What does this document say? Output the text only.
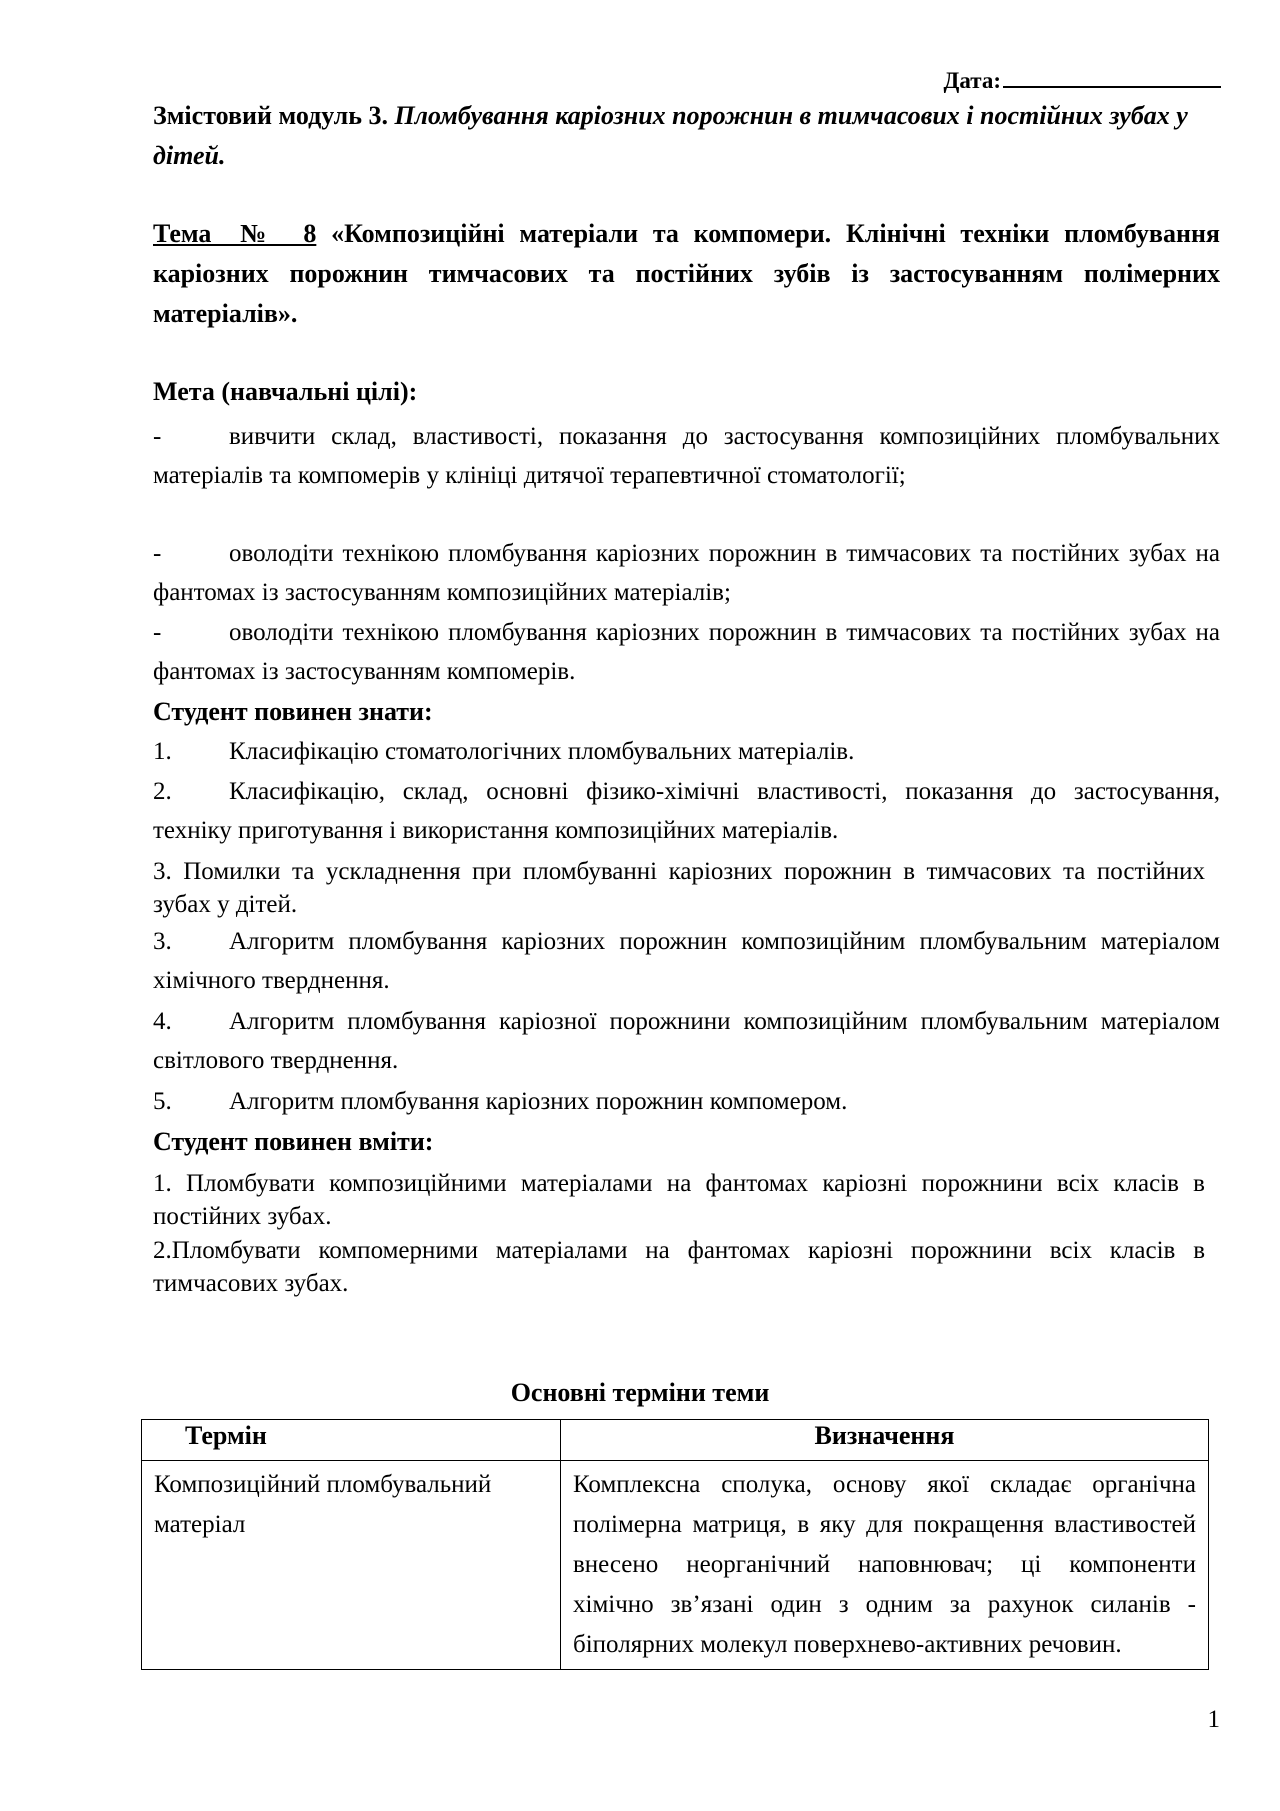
Дата:
Змістовий модуль 3. Пломбування каріозних порожнин в тимчасових і постійних зубах у дітей.
Тема № 8 «Композиційні матеріали та компомери. Клінічні техніки пломбування каріозних порожнин тимчасових та постійних зубів із застосуванням полімерних матеріалів».
Мета (навчальні цілі):
-	вивчити склад, властивості, показання до застосування композиційних пломбувальних матеріалів та компомерів у клініці дитячої терапевтичної стоматології;
-	оволодіти технікою пломбування каріозних порожнин в тимчасових та постійних зубах на фантомах із застосуванням композиційних матеріалів;
-	оволодіти технікою пломбування каріозних порожнин в тимчасових та постійних зубах на фантомах із застосуванням компомерів.
Студент повинен знати:
1. Класифікацію стоматологічних пломбувальних матеріалів.
2. Класифікацію, склад, основні фізико-хімічні властивості, показання до застосування, техніку приготування і використання композиційних матеріалів.
3. Помилки та ускладнення при пломбуванні каріозних порожнин в тимчасових та постійних зубах у дітей.
3. Алгоритм пломбування каріозних порожнин композиційним пломбувальним матеріалом хімічного тверднення.
4. Алгоритм пломбування каріозної порожнини композиційним пломбувальним матеріалом світлового тверднення.
5. Алгоритм пломбування каріозних порожнин компомером.
Студент повинен вміти:
1. Пломбувати композиційними матеріалами на фантомах каріозні порожнини всіх класів в постійних зубах.
2.Пломбувати компомерними матеріалами на фантомах каріозні порожнини всіх класів в тимчасових зубах.
Основні терміни теми
Термін	Визначення
Композиційний пломбувальний матеріал	Комплексна сполука, основу якої складає органічна полімерна матриця, в яку для покращення властивостей внесено неорганічний наповнювач; ці компоненти хімічно зв’язані один з одним за рахунок силанів - біполярних молекул поверхнево-активних речовин.
1
